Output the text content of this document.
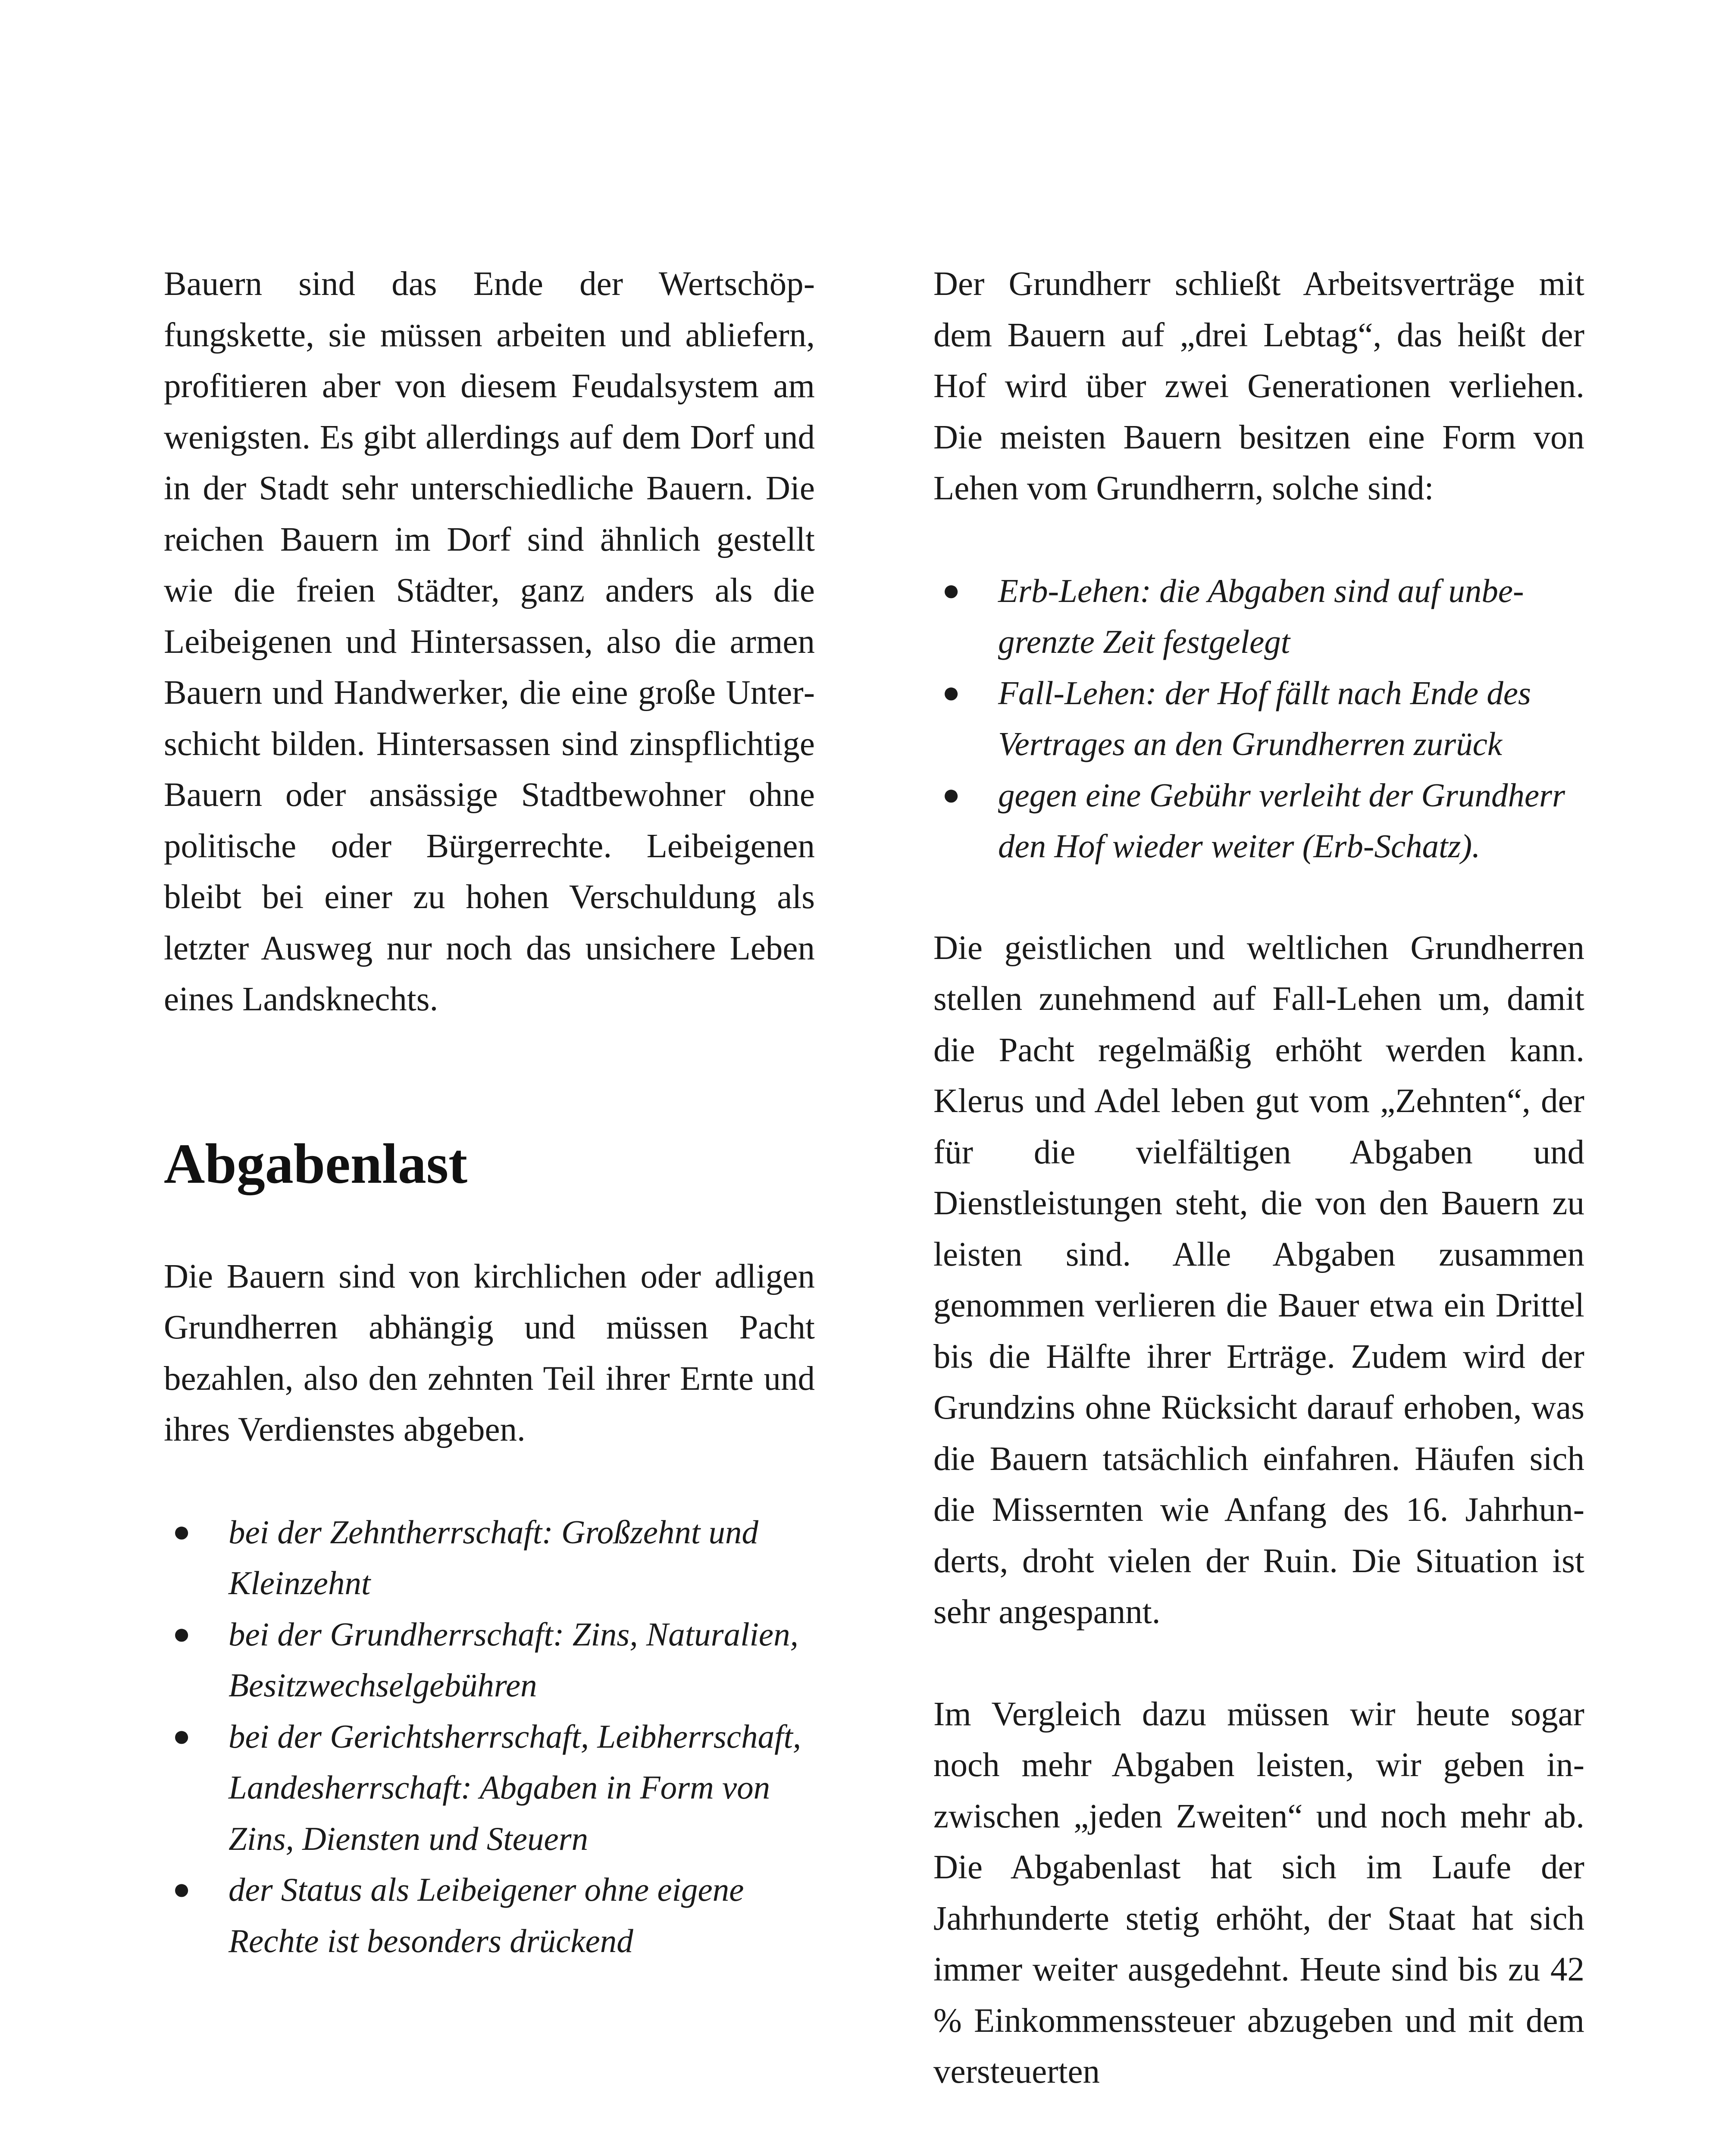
Bauern sind das Ende der Wertschöpfungskette, sie müssen arbeiten und abliefern, profitieren aber von diesem Feudalsystem am wenigsten. Es gibt allerdings auf dem Dorf und in der Stadt sehr unterschiedliche Bauern. Die reichen Bauern im Dorf sind ähnlich gestellt wie die freien Städter, ganz anders als die Leibeigenen und Hintersassen, also die armen Bauern und Handwerker, die eine große Unterschicht bilden. Hintersassen sind zinspflichtige Bauern oder ansässige Stadtbewohner ohne politische oder Bürgerrechte. Leibeigenen bleibt bei einer zu hohen Verschuldung als letzter Ausweg nur noch das unsichere Leben eines Landsknechts.

Abgabenlast

Die Bauern sind von kirchlichen oder adligen Grundherren abhängig und müssen Pacht bezahlen, also den zehnten Teil ihrer Ernte und ihres Verdienstes abgeben.

● bei der Zehntherrschaft: Großzehnt und Kleinzehnt
● bei der Grundherrschaft: Zins, Naturalien, Besitzwechselgebühren
● bei der Gerichtsherrschaft, Leibherrschaft, Landesherrschaft: Abgaben in Form von Zins, Diensten und Steuern
● der Status als Leibeigener ohne eigene Rechte ist besonders drückend

Der Grundherr schließt Arbeitsverträge mit dem Bauern auf „drei Lebtag“, das heißt der Hof wird über zwei Generationen verliehen. Die meisten Bauern besitzen eine Form von Lehen vom Grundherrn, solche sind:

● Erb-Lehen: die Abgaben sind auf unbegrenzte Zeit festgelegt
● Fall-Lehen: der Hof fällt nach Ende des Vertrages an den Grundherren zurück
● gegen eine Gebühr verleiht der Grundherr den Hof wieder weiter (Erb-Schatz).

Die geistlichen und weltlichen Grundherren stellen zunehmend auf Fall-Lehen um, damit die Pacht regelmäßig erhöht werden kann. Klerus und Adel leben gut vom „Zehnten“, der für die vielfältigen Abgaben und Dienstleistungen steht, die von den Bauern zu leisten sind. Alle Abgaben zusammen genommen verlieren die Bauer etwa ein Drittel bis die Hälfte ihrer Erträge. Zudem wird der Grundzins ohne Rücksicht darauf erhoben, was die Bauern tatsächlich einfahren. Häufen sich die Missernten wie Anfang des 16. Jahrhunderts, droht vielen der Ruin. Die Situation ist sehr angespannt.

Im Vergleich dazu müssen wir heute sogar noch mehr Abgaben leisten, wir geben inzwischen „jeden Zweiten“ und noch mehr ab. Die Abgabenlast hat sich im Laufe der Jahrhunderte stetig erhöht, der Staat hat sich immer weiter ausgedehnt. Heute sind bis zu 42 % Einkommenssteuer abzugeben und mit dem versteuerten
